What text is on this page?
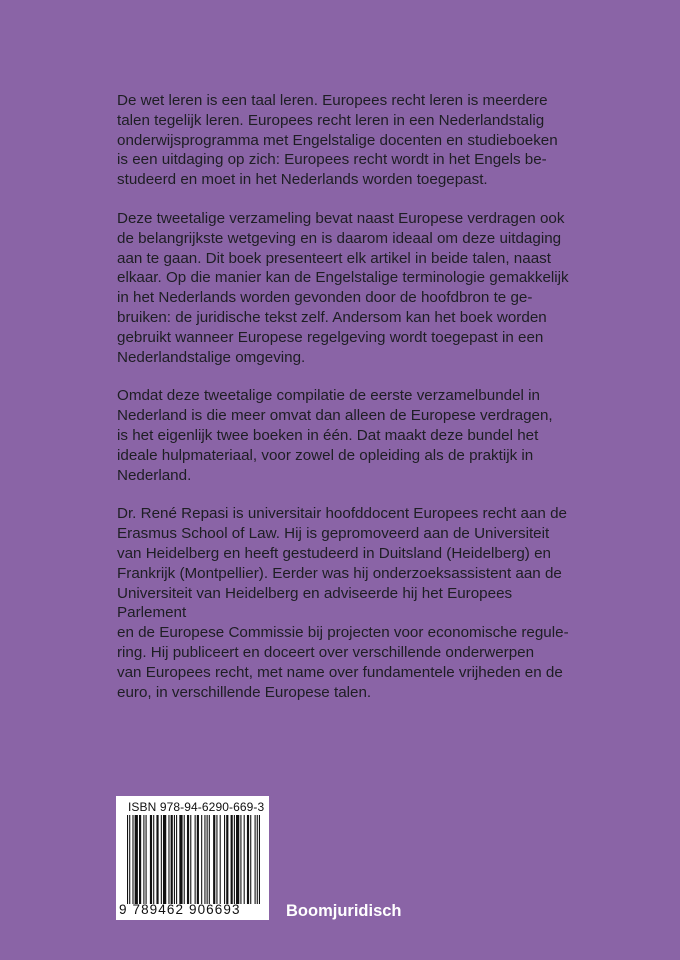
De wet leren is een taal leren. Europees recht leren is meerdere
talen tegelijk leren. Europees recht leren in een Nederlandstalig
onderwijsprogramma met Engelstalige docenten en studieboeken
is een uitdaging op zich: Europees recht wordt in het Engels be-
studeerd en moet in het Nederlands worden toegepast.

Deze tweetalige verzameling bevat naast Europese verdragen ook
de belangrijkste wetgeving en is daarom ideaal om deze uitdaging
aan te gaan. Dit boek presenteert elk artikel in beide talen, naast
elkaar. Op die manier kan de Engelstalige terminologie gemakkelijk
in het Nederlands worden gevonden door de hoofdbron te ge-
bruiken: de juridische tekst zelf. Andersom kan het boek worden
gebruikt wanneer Europese regelgeving wordt toegepast in een
Nederlandstalige omgeving.

Omdat deze tweetalige compilatie de eerste verzamelbundel in
Nederland is die meer omvat dan alleen de Europese verdragen,
is het eigenlijk twee boeken in één. Dat maakt deze bundel het
ideale hulpmateriaal, voor zowel de opleiding als de praktijk in
Nederland.

Dr. René Repasi is universitair hoofddocent Europees recht aan de
Erasmus School of Law. Hij is gepromoveerd aan de Universiteit
van Heidelberg en heeft gestudeerd in Duitsland (Heidelberg) en
Frankrijk (Montpellier). Eerder was hij onderzoeksassistent aan de
Universiteit van Heidelberg en adviseerde hij het Europees Parlement
en de Europese Commissie bij projecten voor economische regule-
ring. Hij publiceert en doceert over verschillende onderwerpen
van Europees recht, met name over fundamentele vrijheden en de
euro, in verschillende Europese talen.

ISBN 978-94-6290-669-3
9 789462 906693	Boomjuridisch
